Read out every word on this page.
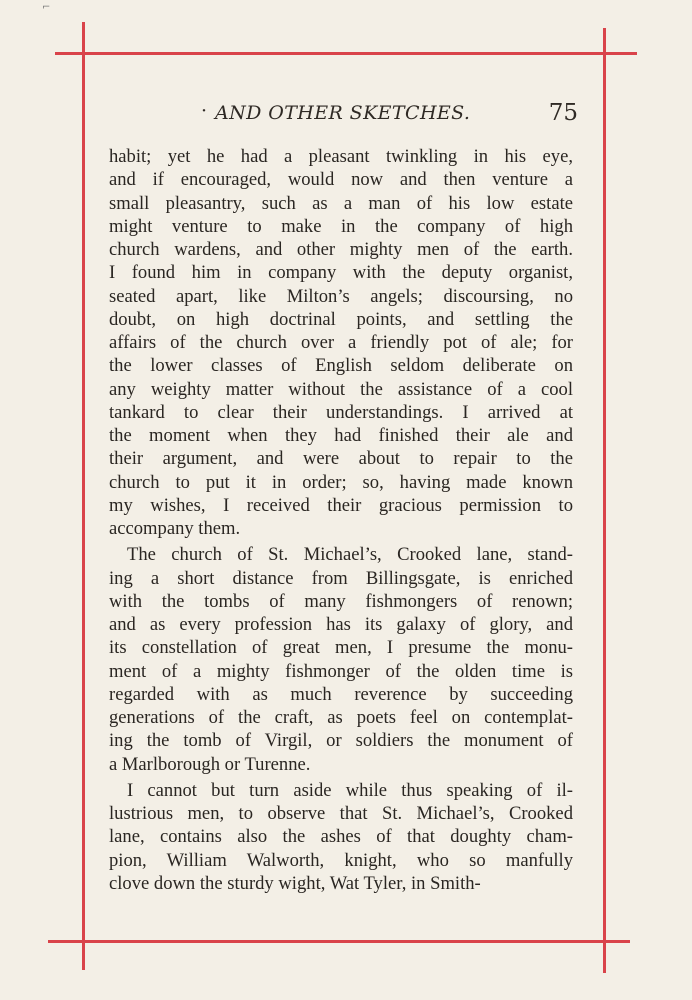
⌐
· AND OTHER SKETCHES.	75
habit; yet he had a pleasant twinkling in his eye,
and if encouraged, would now and then venture a
small pleasantry, such as a man of his low estate
might venture to make in the company of high
church wardens, and other mighty men of the earth.
I found him in company with the deputy organist,
seated apart, like Milton’s angels; discoursing, no
doubt, on high doctrinal points, and settling the
affairs of the church over a friendly pot of ale; for
the lower classes of English seldom deliberate on
any weighty matter without the assistance of a cool
tankard to clear their understandings. I arrived at
the moment when they had finished their ale and
their argument, and were about to repair to the
church to put it in order; so, having made known
my wishes, I received their gracious permission to
accompany them.
The church of St. Michael’s, Crooked lane, stand-
ing a short distance from Billingsgate, is enriched
with the tombs of many fishmongers of renown;
and as every profession has its galaxy of glory, and
its constellation of great men, I presume the monu-
ment of a mighty fishmonger of the olden time is
regarded with as much reverence by succeeding
generations of the craft, as poets feel on contemplat-
ing the tomb of Virgil, or soldiers the monument of
a Marlborough or Turenne.
I cannot but turn aside while thus speaking of il-
lustrious men, to observe that St. Michael’s, Crooked
lane, contains also the ashes of that doughty cham-
pion, William Walworth, knight, who so manfully
clove down the sturdy wight, Wat Tyler, in Smith-
